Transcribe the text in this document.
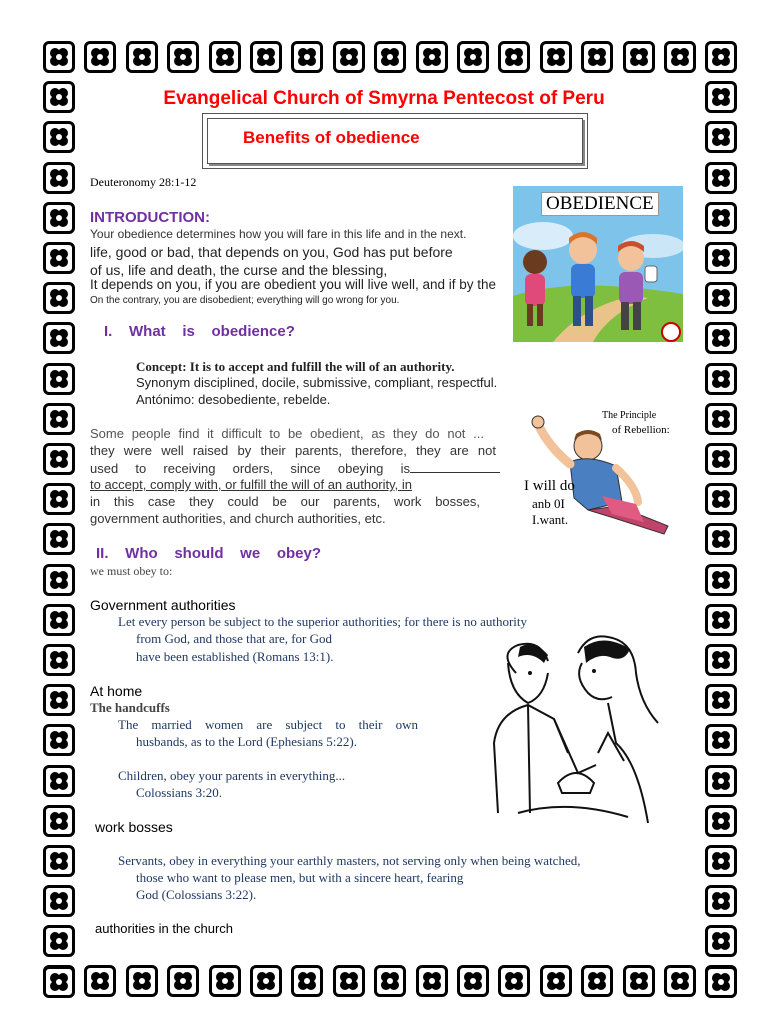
Evangelical Church of Smyrna Pentecost of Peru
Benefits of obedience
Deuteronomy 28:1-12
OBEDIENCE
INTRODUCTION:
Your obedience determines how you will fare in this life and in the next.
life, good or bad, that depends on you, God has put before
of us, life and death, the curse and the blessing,
It depends on you, if you are obedient you will live well, and if by the
On the contrary, you are disobedient; everything will go wrong for you.
I.    What    is    obedience?
Concept: It is to accept and fulfill the will of an authority.
Synonym disciplined, docile, submissive, compliant, respectful.
Antónimo: desobediente, rebelde.
Some people find it difficult to be obedient, as they do not ...
they were well raised by their parents, therefore, they are not
used to receiving orders, since obeying is
to accept, comply with, or fulfill the will of an authority, in
in this case they could be our parents, work bosses,
government authorities, and church authorities, etc.
The Principle
of Rebellion:
I will do
anb 0I
I.want.
II.    Who    should    we    obey?
we must obey to:
Government authorities
Let every person be subject to the superior authorities; for there is no authority
from God, and those that are, for God
have been established (Romans 13:1).
At home
The handcuffs
The married women are subject to their own
husbands, as to the Lord (Ephesians 5:22).
Children, obey your parents in everything...
Colossians 3:20.
work bosses
Servants, obey in everything your earthly masters, not serving only when being watched,
those who want to please men, but with a sincere heart, fearing
God (Colossians 3:22).
authorities in the church
